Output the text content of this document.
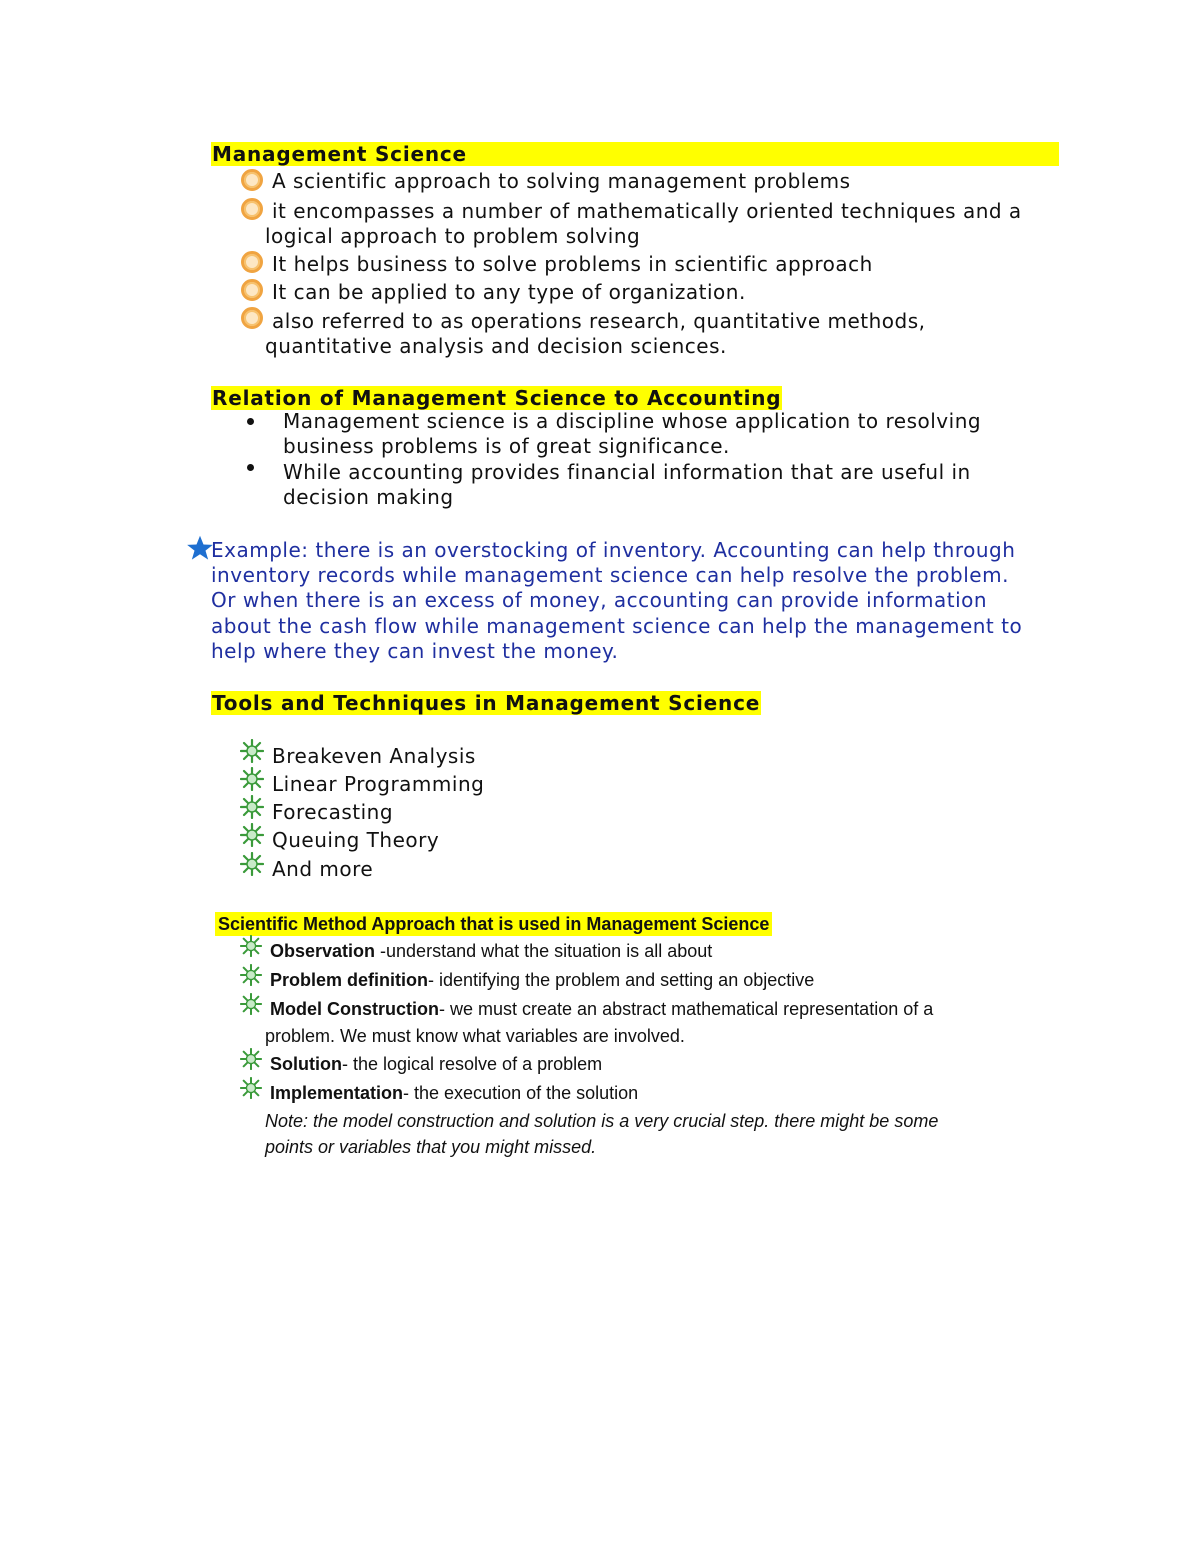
Management Science
A scientific approach to solving management problems
it encompasses a number of mathematically oriented techniques and a
logical approach to problem solving
It helps business to solve problems in scientific approach
It can be applied to any type of organization.
also referred to as operations research, quantitative methods,
quantitative analysis and decision sciences.
Relation of Management Science to Accounting
Management science is a discipline whose application to resolving
business problems is of great significance.
While accounting provides financial information that are useful in
decision making
Example: there is an overstocking of inventory. Accounting can help through
inventory records while management science can help resolve the problem.
Or when there is an excess of money, accounting can provide information
about the cash flow while management science can help the management to
help where they can invest the money.
Tools and Techniques in Management Science
Breakeven Analysis
Linear Programming
Forecasting
Queuing Theory
And more
Scientific Method Approach that is used in Management Science
Observation -understand what the situation is all about
Problem definition- identifying the problem and setting an objective
Model Construction- we must create an abstract mathematical representation of a
problem. We must know what variables are involved.
Solution- the logical resolve of a problem
Implementation- the execution of the solution
Note: the model construction and solution is a very crucial step. there might be some
points or variables that you might missed.
